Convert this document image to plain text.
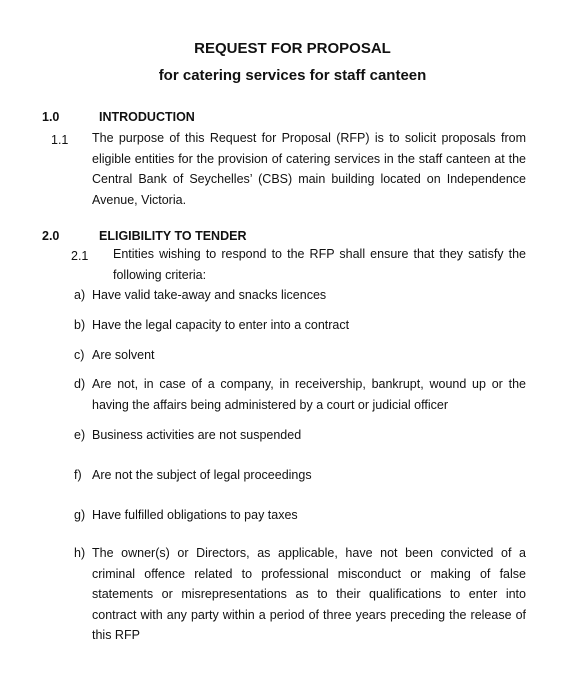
REQUEST FOR PROPOSAL
for catering services for staff canteen
1.0	INTRODUCTION
1.1 The purpose of this Request for Proposal (RFP) is to solicit proposals from eligible entities for the provision of catering services in the staff canteen at the Central Bank of Seychelles’ (CBS) main building located on Independence Avenue, Victoria.

2.0	ELIGIBILITY TO TENDER
2.1 Entities wishing to respond to the RFP shall ensure that they satisfy the following criteria:

a) Have valid take-away and snacks licences
b) Have the legal capacity to enter into a contract
c) Are solvent
d) Are not, in case of a company, in receivership, bankrupt, wound up or the having the affairs being administered by a court or judicial officer
e) Business activities are not suspended
f) Are not the subject of legal proceedings
g) Have fulfilled obligations to pay taxes
h) The owner(s) or Directors, as applicable, have not been convicted of a criminal offence related to professional misconduct or making of false statements or misrepresentations as to their qualifications to enter into contract with any party within a period of three years preceding the release of this RFP
